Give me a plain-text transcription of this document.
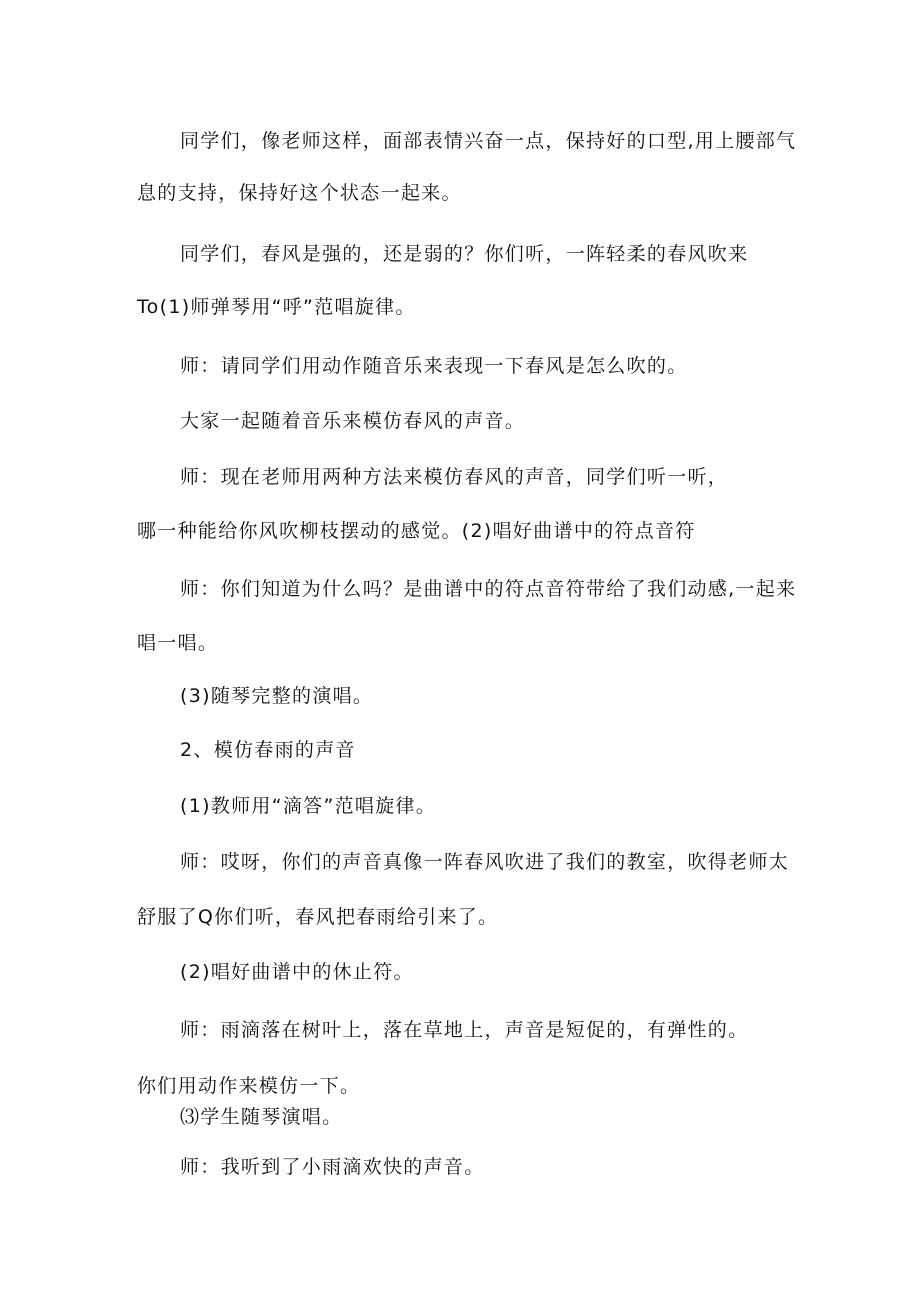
同学们，像老师这样，面部表情兴奋一点，保持好的口型,用上腰部气
息的支持，保持好这个状态一起来。
同学们，春风是强的，还是弱的？你们听，一阵轻柔的春风吹来
To(1)师弹琴用“呼”范唱旋律。
师：请同学们用动作随音乐来表现一下春风是怎么吹的。
大家一起随着音乐来模仿春风的声音。
师：现在老师用两种方法来模仿春风的声音，同学们听一听，
哪一种能给你风吹柳枝摆动的感觉。(2)唱好曲谱中的符点音符
师：你们知道为什么吗？是曲谱中的符点音符带给了我们动感,一起来
唱一唱。
(3)随琴完整的演唱。
2、模仿春雨的声音
(1)教师用“滴答”范唱旋律。
师：哎呀，你们的声音真像一阵春风吹进了我们的教室，吹得老师太
舒服了Q你们听，春风把春雨给引来了。
(2)唱好曲谱中的休止符。
师：雨滴落在树叶上，落在草地上，声音是短促的，有弹性的。
你们用动作来模仿一下。
⑶学生随琴演唱。
师：我听到了小雨滴欢快的声音。
